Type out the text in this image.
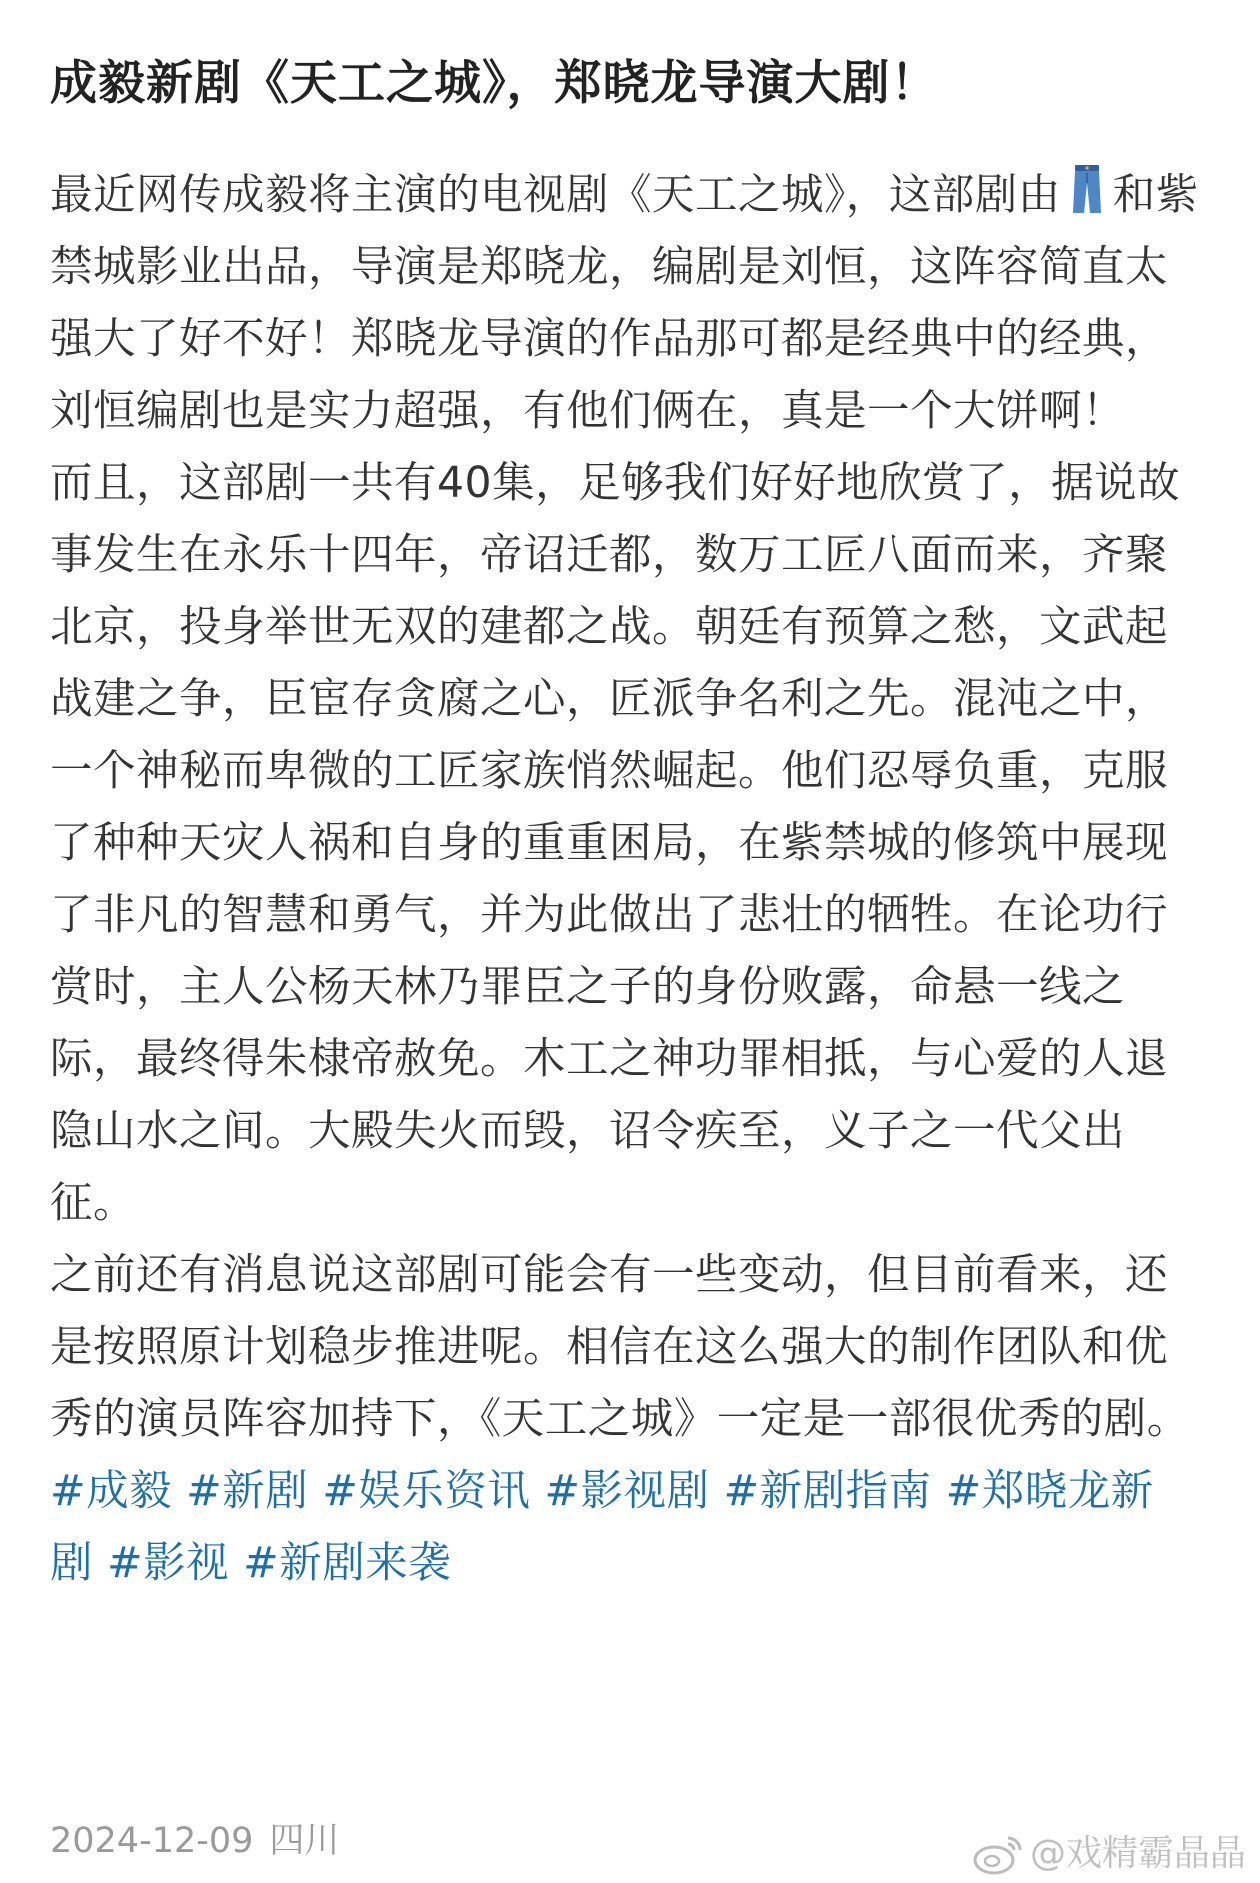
成毅新剧《天工之城》，郑晓龙导演大剧！

最近网传成毅将主演的电视剧《天工之城》，这部剧由 和紫禁城影业出品，导演是郑晓龙，编剧是刘恒，这阵容简直太强大了好不好！郑晓龙导演的作品那可都是经典中的经典，刘恒编剧也是实力超强，有他们俩在，真是一个大饼啊！

而且，这部剧一共有40集，足够我们好好地欣赏了，据说故事发生在永乐十四年，帝诏迁都，数万工匠八面而来，齐聚北京，投身举世无双的建都之战。朝廷有预算之愁，文武起战建之争，臣宦存贪腐之心，匠派争名利之先。混沌之中，一个神秘而卑微的工匠家族悄然崛起。他们忍辱负重，克服了种种天灾人祸和自身的重重困局，在紫禁城的修筑中展现了非凡的智慧和勇气，并为此做出了悲壮的牺牲。在论功行赏时，主人公杨天林乃罪臣之子的身份败露，命悬一线之际，最终得朱棣帝赦免。木工之神功罪相抵，与心爱的人退隐山水之间。大殿失火而毁，诏令疾至，义子之一代父出征。

之前还有消息说这部剧可能会有一些变动，但目前看来，还是按照原计划稳步推进呢。相信在这么强大的制作团队和优秀的演员阵容加持下，《天工之城》一定是一部很优秀的剧。

#成毅 #新剧 #娱乐资讯 #影视剧 #新剧指南 #郑晓龙新剧 #影视 #新剧来袭

2024-12-09 四川	@戏精霸晶晶
